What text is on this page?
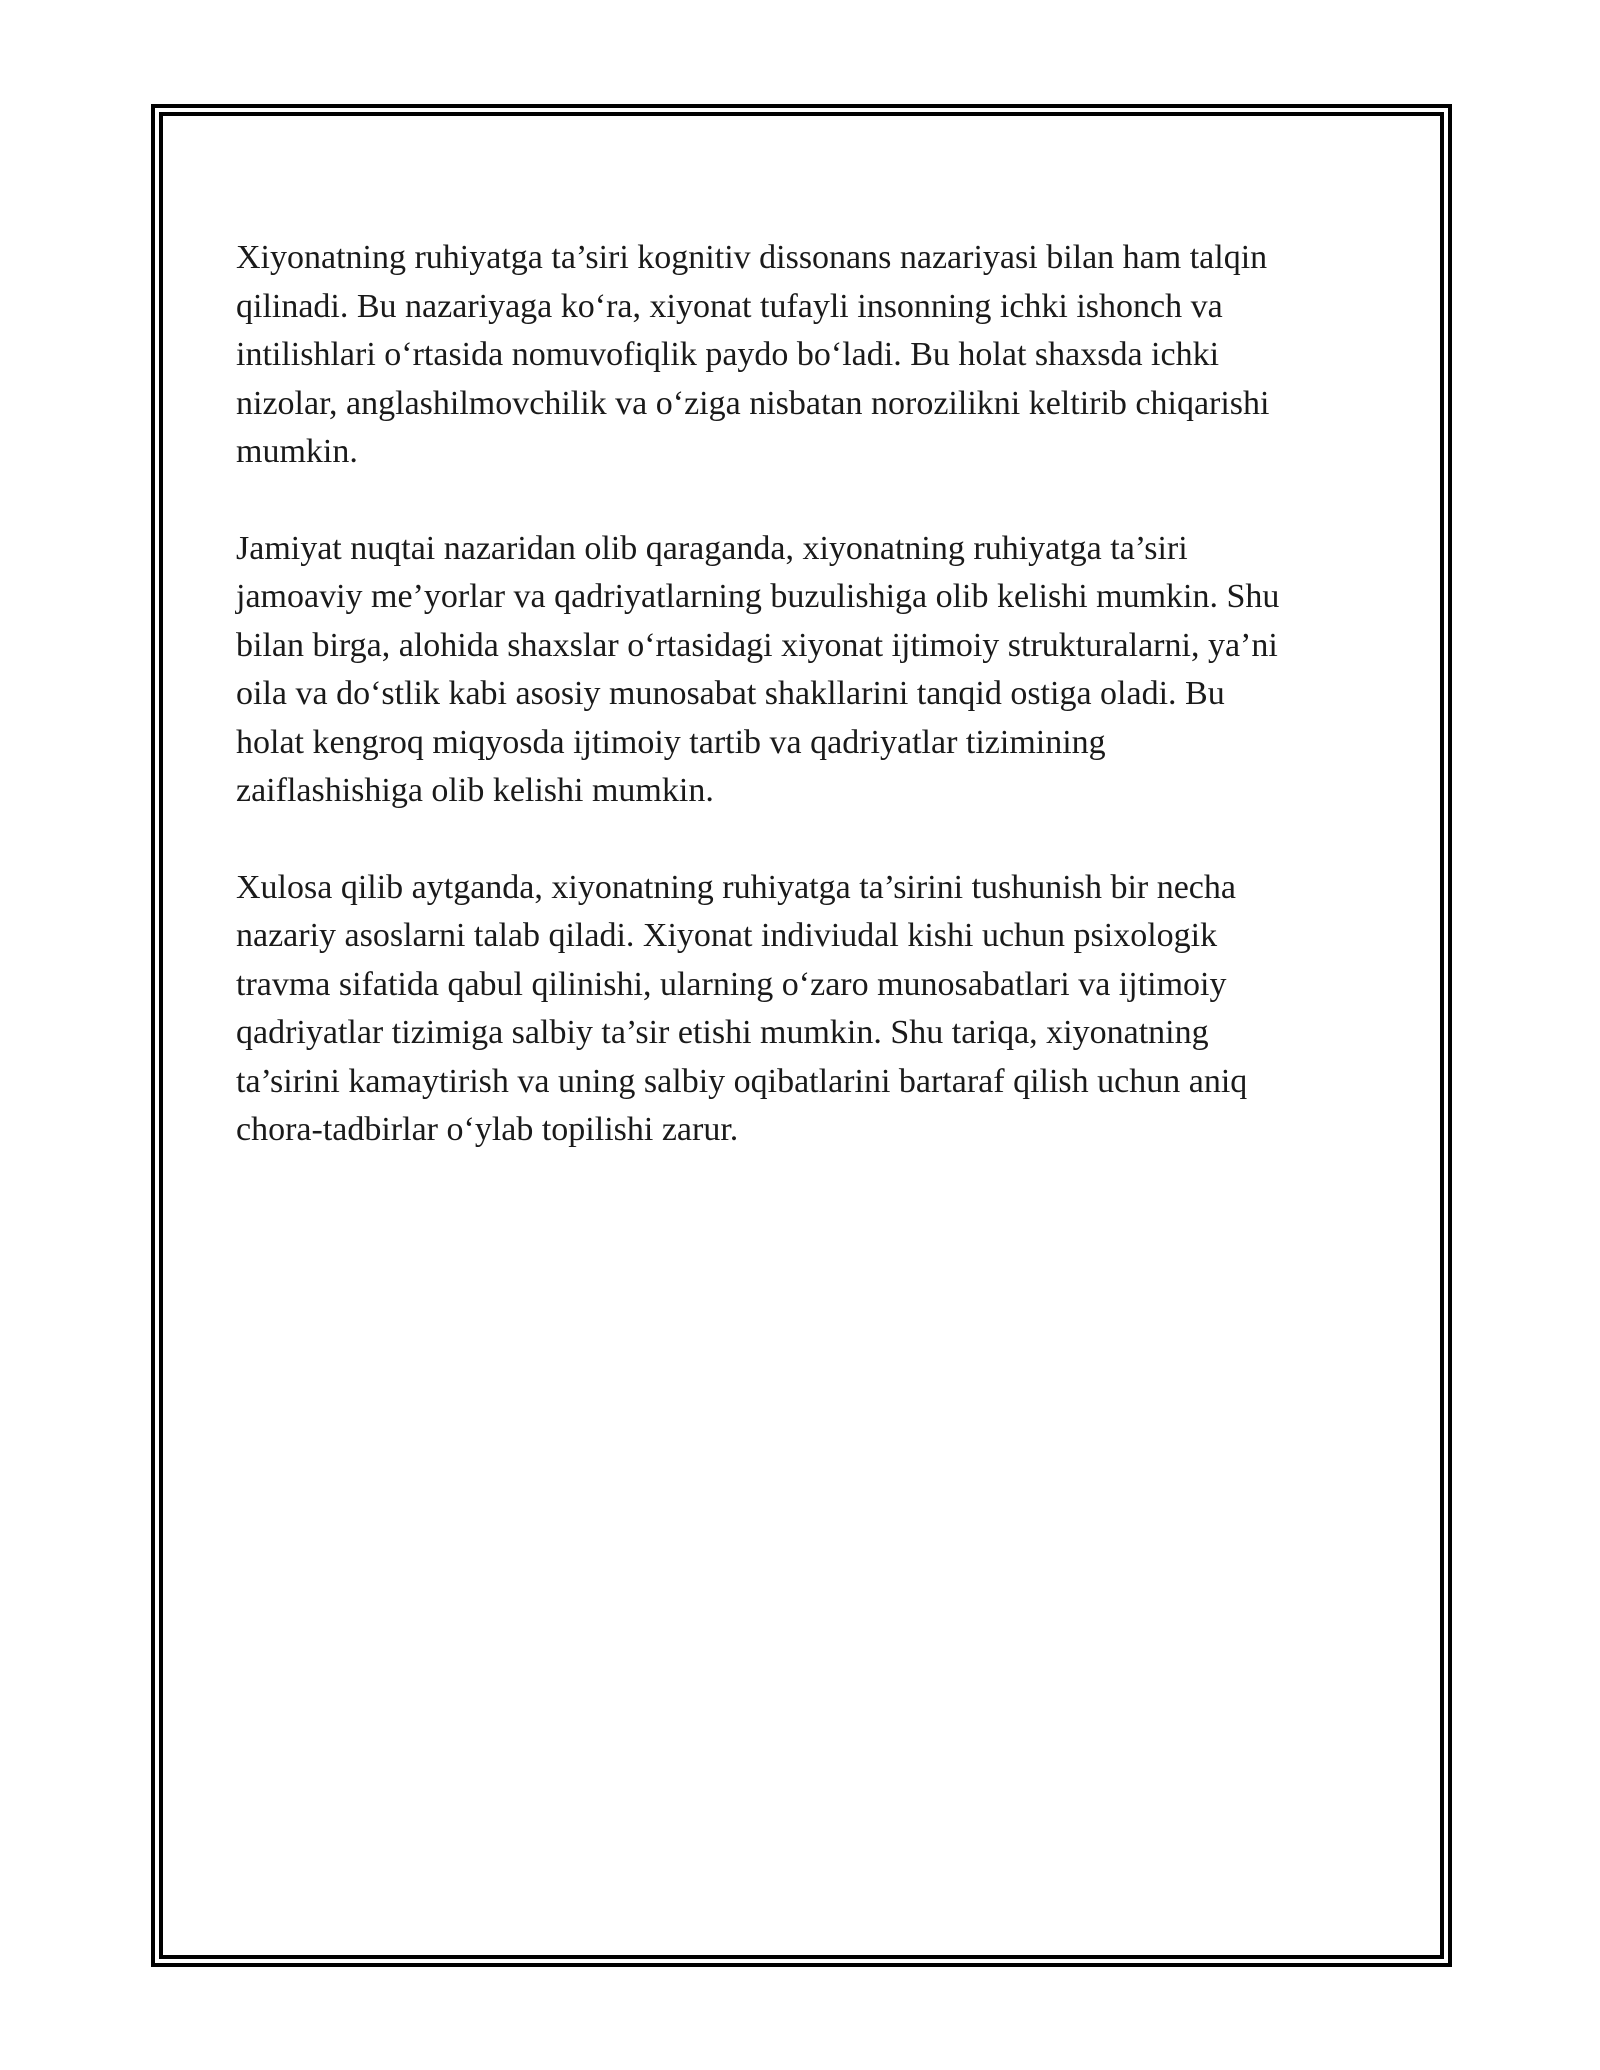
Xiyonatning ruhiyatga ta’siri kognitiv dissonans nazariyasi bilan ham talqin
qilinadi. Bu nazariyaga ko‘ra, xiyonat tufayli insonning ichki ishonch va
intilishlari o‘rtasida nomuvofiqlik paydo bo‘ladi. Bu holat shaxsda ichki
nizolar, anglashilmovchilik va o‘ziga nisbatan norozilikni keltirib chiqarishi
mumkin.

Jamiyat nuqtai nazaridan olib qaraganda, xiyonatning ruhiyatga ta’siri
jamoaviy me’yorlar va qadriyatlarning buzulishiga olib kelishi mumkin. Shu
bilan birga, alohida shaxslar o‘rtasidagi xiyonat ijtimoiy strukturalarni, ya’ni
oila va do‘stlik kabi asosiy munosabat shakllarini tanqid ostiga oladi. Bu
holat kengroq miqyosda ijtimoiy tartib va qadriyatlar tizimining
zaiflashishiga olib kelishi mumkin.

Xulosa qilib aytganda, xiyonatning ruhiyatga ta’sirini tushunish bir necha
nazariy asoslarni talab qiladi. Xiyonat indiviudal kishi uchun psixologik
travma sifatida qabul qilinishi, ularning o‘zaro munosabatlari va ijtimoiy
qadriyatlar tizimiga salbiy ta’sir etishi mumkin. Shu tariqa, xiyonatning
ta’sirini kamaytirish va uning salbiy oqibatlarini bartaraf qilish uchun aniq
chora-tadbirlar o‘ylab topilishi zarur.
